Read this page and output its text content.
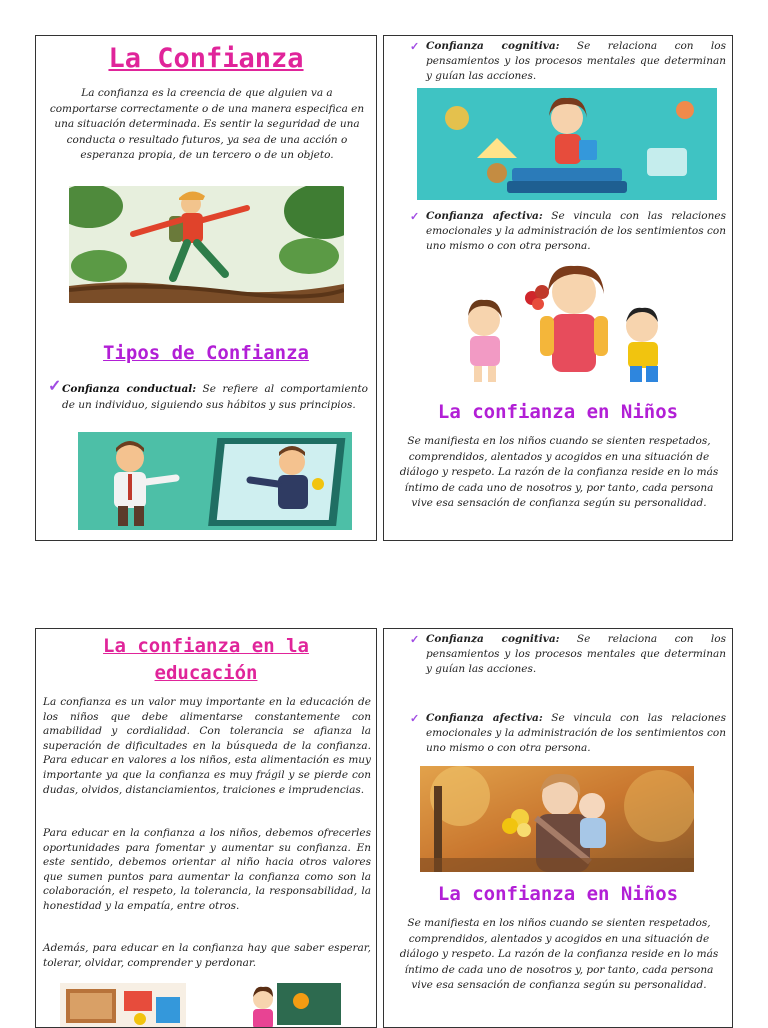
La Confianza
La confianza es la creencia de que alguien va a comportarse correctamente o de una manera especifica en una situación determinada. Es sentir la seguridad de una conducta o resultado futuros, ya sea de una acción o esperanza propia, de un tercero o de un objeto.
Tipos de Confianza
✓ Confianza conductual: Se refiere al comportamiento de un individuo, siguiendo sus hábitos y sus principios.
✓ Confianza cognitiva: Se relaciona con los pensamientos y los procesos mentales que determinan y guían las acciones.
✓ Confianza afectiva: Se vincula con las relaciones emocionales y la administración de los sentimientos con uno mismo o con otra persona.
La confianza en Niños
Se manifiesta en los niños cuando se sienten respetados, comprendidos, alentados y acogidos en una situación de diálogo y respeto. La razón de la confianza reside en lo más íntimo de cada uno de nosotros y, por tanto, cada persona vive esa sensación de confianza según su personalidad.
La confianza en la
educación
La confianza es un valor muy importante en la educación de los niños que debe alimentarse constantemente con amabilidad y cordialidad. Con tolerancia se afianza la superación de dificultades en la búsqueda de la confianza. Para educar en valores a los niños, esta alimentación es muy importante ya que la confianza es muy frágil y se pierde con dudas, olvidos, distanciamientos, traiciones e imprudencias.
Para educar en la confianza a los niños, debemos ofrecerles oportunidades para fomentar y aumentar su confianza. En este sentido, debemos orientar al niño hacia otros valores que sumen puntos para aumentar la confianza como son la colaboración, el respeto, la tolerancia, la responsabilidad, la honestidad y la empatía, entre otros.
Además, para educar en la confianza hay que saber esperar, tolerar, olvidar, comprender y perdonar.
✓ Confianza cognitiva: Se relaciona con los pensamientos y los procesos mentales que determinan y guían las acciones.
✓ Confianza afectiva: Se vincula con las relaciones emocionales y la administración de los sentimientos con uno mismo o con otra persona.
La confianza en Niños
Se manifiesta en los niños cuando se sienten respetados, comprendidos, alentados y acogidos en una situación de diálogo y respeto. La razón de la confianza reside en lo más íntimo de cada uno de nosotros y, por tanto, cada persona vive esa sensación de confianza según su personalidad.
